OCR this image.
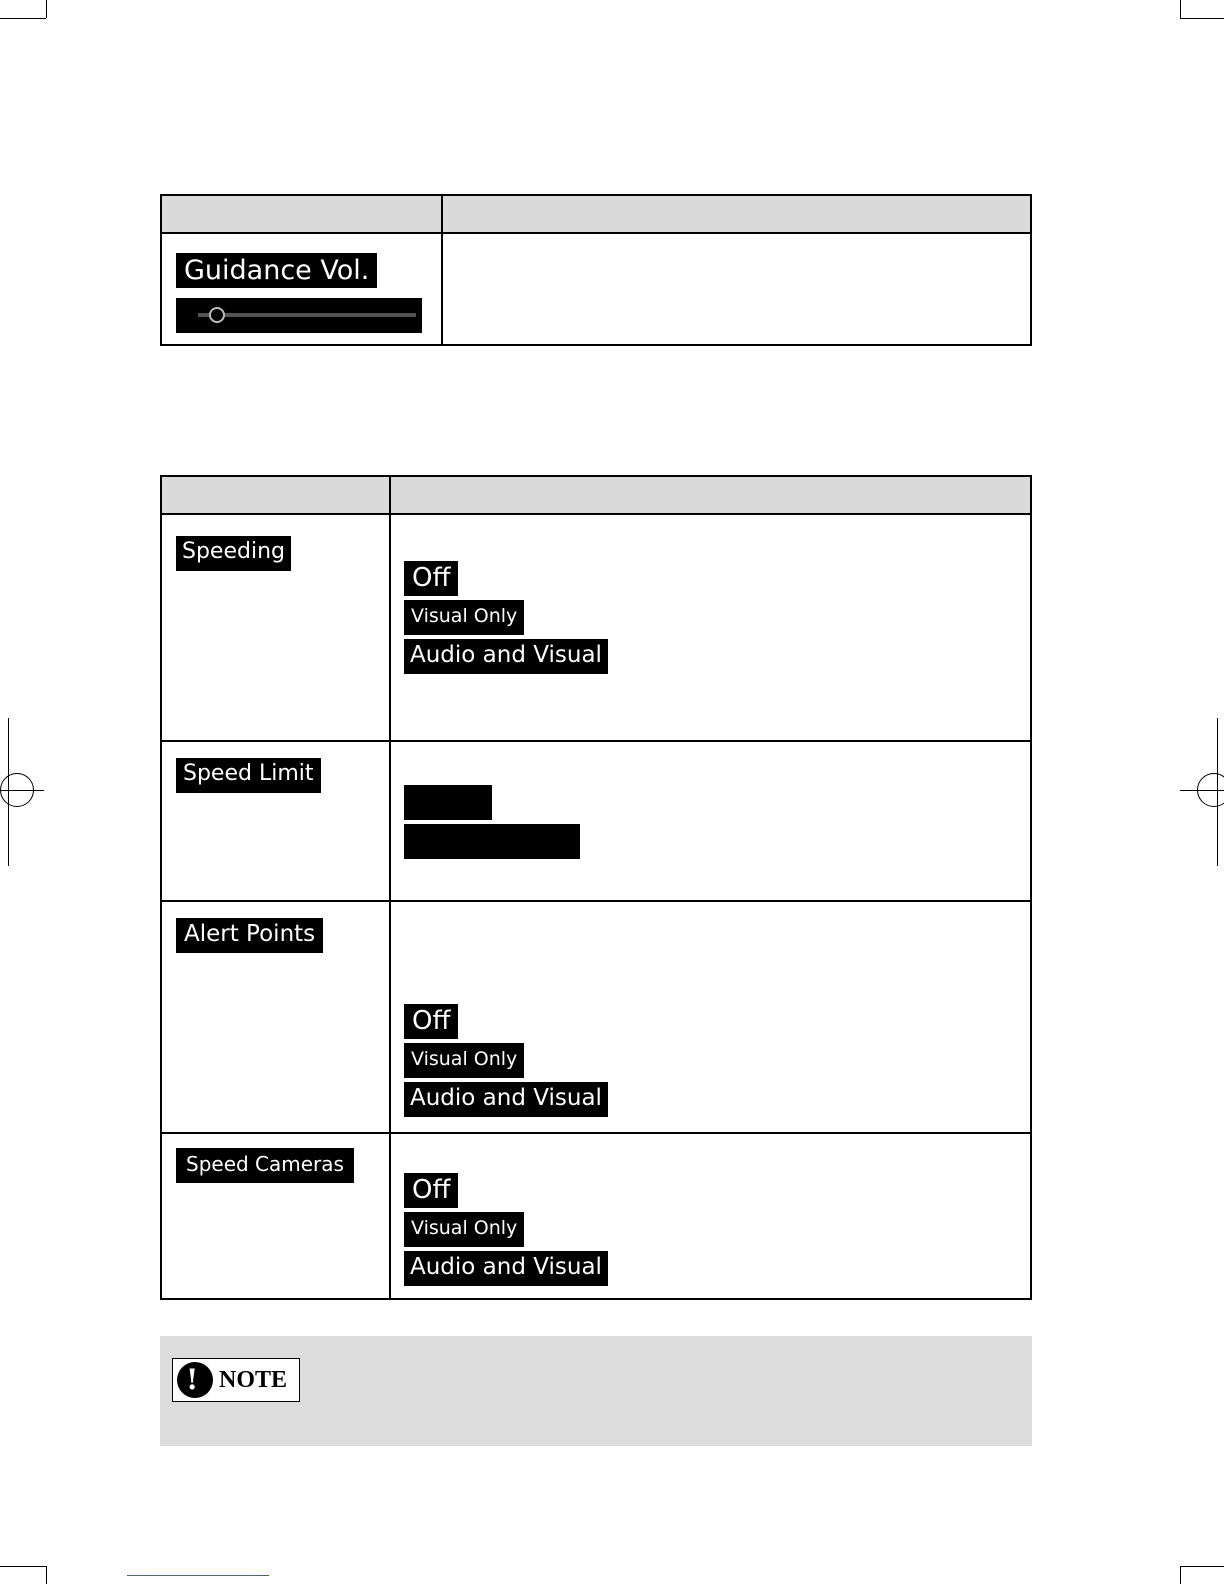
Guidance Vol.
Speeding
Off
Visual Only
Audio and Visual
Speed Limit
Alert Points
Off
Visual Only
Audio and Visual
Speed Cameras
Off
Visual Only
Audio and Visual
!
NOTE
